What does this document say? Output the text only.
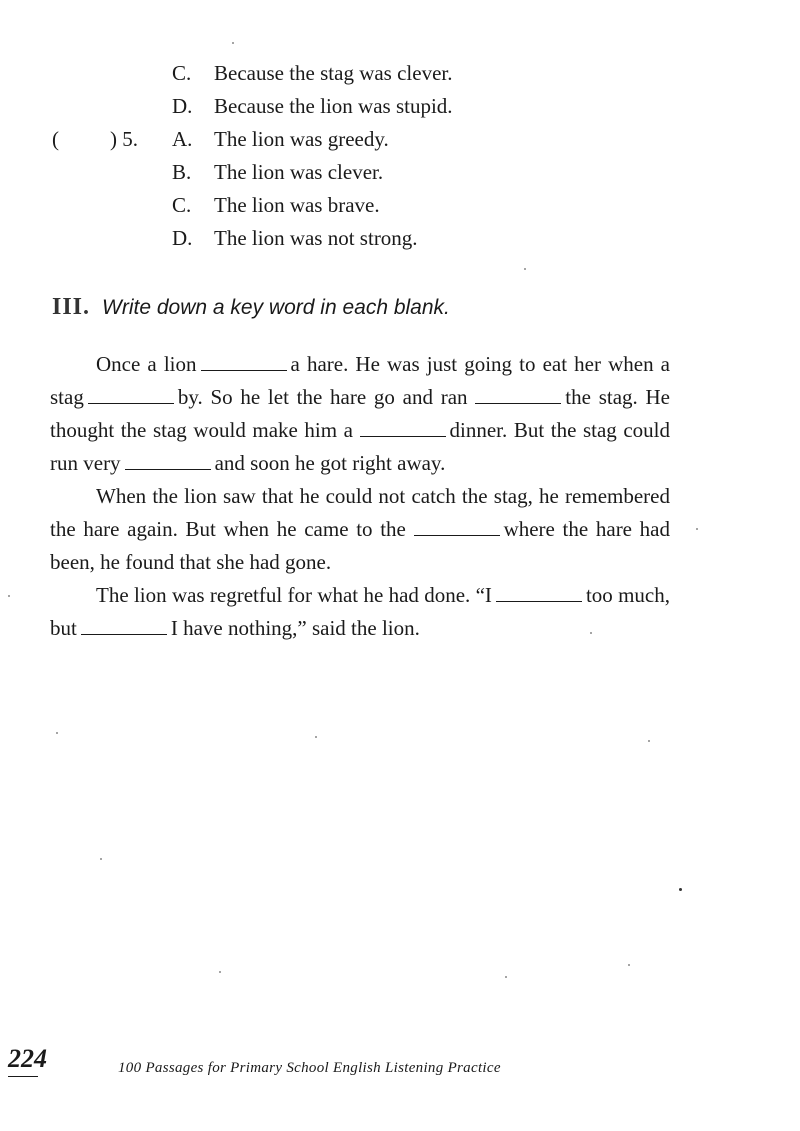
C. Because the stag was clever.
D. Because the lion was stupid.
( ) 5. A. The lion was greedy.
B. The lion was clever.
C. The lion was brave.
D. The lion was not strong.
III. Write down a key word in each blank.

Once a lion	a hare. He was just going to eat her when a stag	by. So he let the hare go and ran	the stag. He thought the stag would make him a	dinner. But the stag could run very	and soon he got right away.

When the lion saw that he could not catch the stag, he remembered the hare again. But when he came to the	where the hare had been, he found that she had gone.

The lion was regretful for what he had done. “I	too much, but	I have nothing,” said the lion.

224	100 Passages for Primary School English Listening Practice
